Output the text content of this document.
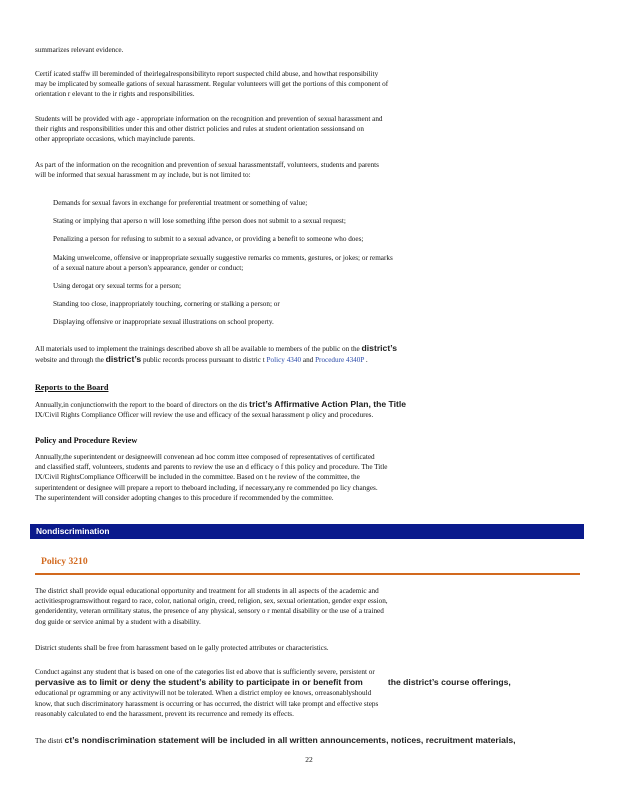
summarizes relevant evidence.
Certif icated staffw ill bereminded of theirlegalresponsibilityto report suspected child abuse, and howthat responsibility
may be implicated by somealle gations of sexual harassment. Regular volunteers will get the portions of this component of
orientation r elevant to the ir rights and responsibilities.
Students will be provided with age - appropriate information on the recognition and prevention of sexual harassment and
their rights and responsibilities under this and other district policies and rules at student orientation sessionsand on
other appropriate occasions, which mayinclude parents.
As part of the information on the recognition and prevention of sexual harassmentstaff, volunteers, students and parents
will be informed that sexual harassment m ay include, but is not limited to:
Demands for sexual favors in exchange for preferential treatment or something of value;
Stating or implying that aperso n will lose something ifthe person does not submit to a sexual request;
Penalizing a person for refusing to submit to a sexual advance, or providing a benefit to someone who does;
Making unwelcome, offensive or inappropriate sexually suggestive remarks co mments, gestures, or jokes; or remarks
of a sexual nature about a person's appearance, gender or conduct;
Using derogat ory sexual terms for a person;
Standing too close, inappropriately touching, cornering or stalking a person; or
Displaying offensive or inappropriate sexual illustrations on school property.
All materials used to implement the trainings described above sh all be available to members of the public on the district’s
website and through the district’s public records process pursuant to distric t Policy 4340 and Procedure 4340P .
Reports to the Board
Annually,in conjunctionwith the report to the board of directors on the dis trict’s Affirmative Action Plan, the Title
IX/Civil Rights Compliance Officer will review the use and efficacy of the sexual harassment p olicy and procedures.
Policy and Procedure Review
Annually,the superintendent or designeewill convenean ad hoc comm ittee composed of representatives of certificated
and classified staff, volunteers, students and parents to review the use an d efficacy o f this policy and procedure. The Title
IX/Civil RightsCompliance Officerwill be included in the committee. Based on t he review of the committee, the
superintendent or designee will prepare a report to theboard including, if necessary,any re commended po licy changes.
The superintendent will consider adopting changes to this procedure if recommended by the committee.
Nondiscrimination
Policy 3210
The district shall provide equal educational opportunity and treatment for all students in all aspects of the academic and
activitiesprogramswithout regard to race, color, national origin, creed, religion, sex, sexual orientation, gender expr ession,
genderidentity, veteran ormilitary status, the presence of any physical, sensory o r mental disability or the use of a trained
dog guide or service animal by a student with a disability.
District students shall be free from harassment based on le gally protected attributes or characteristics.
Conduct against any student that is based on one of the categories list ed above that is sufficiently severe, persistent or
pervasive as to limit or deny the student’s ability to participate in or benefit from	the district’s course offerings,
educational pr ogramming or any activitywill not be tolerated. When a district employ ee knows, orreasonablyshould
know, that such discriminatory harassment is occurring or has occurred, the district will take prompt and effective steps
reasonably calculated to end the harassment, prevent its recurrence and remedy its effects.
The distri ct’s nondiscrimination statement will be included in all written announcements, notices, recruitment materials,
22
